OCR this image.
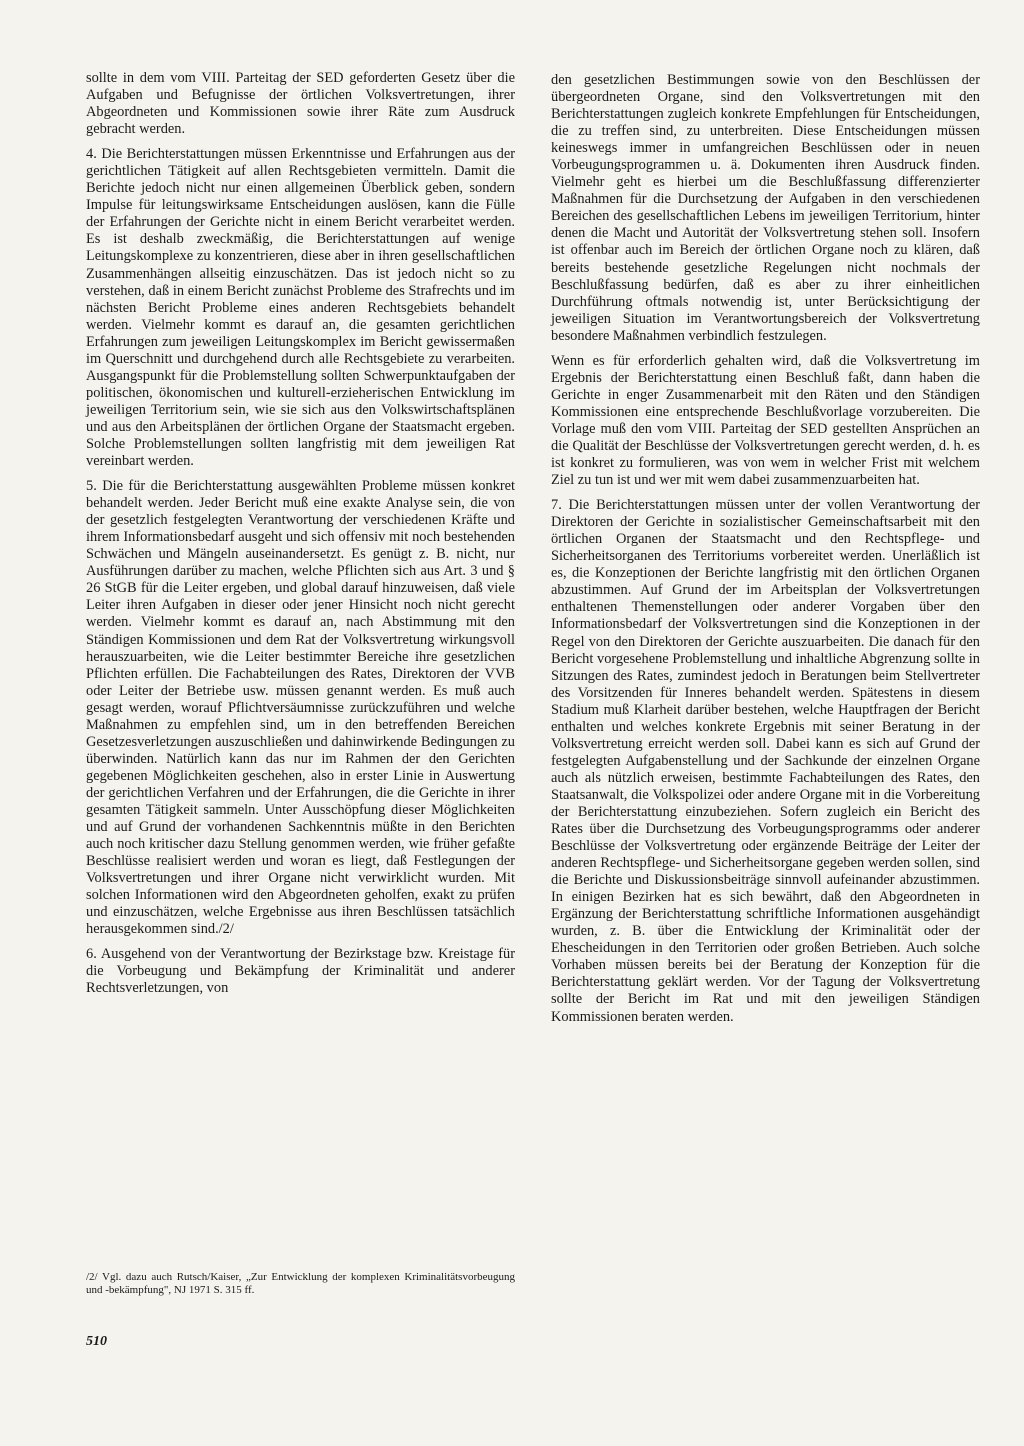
sollte in dem vom VIII. Parteitag der SED geforderten Gesetz über die Aufgaben und Befugnisse der örtlichen Volksvertretungen, ihrer Abgeordneten und Kommissionen sowie ihrer Räte zum Ausdruck gebracht werden.

4. Die Berichterstattungen müssen Erkenntnisse und Erfahrungen aus der gerichtlichen Tätigkeit auf allen Rechtsgebieten vermitteln. Damit die Berichte jedoch nicht nur einen allgemeinen Überblick geben, sondern Impulse für leitungswirksame Entscheidungen auslösen, kann die Fülle der Erfahrungen der Gerichte nicht in einem Bericht verarbeitet werden. Es ist deshalb zweckmäßig, die Berichterstattungen auf wenige Leitungskomplexe zu konzentrieren, diese aber in ihren gesellschaftlichen Zusammenhängen allseitig einzuschätzen. Das ist jedoch nicht so zu verstehen, daß in einem Bericht zunächst Probleme des Strafrechts und im nächsten Bericht Probleme eines anderen Rechtsgebiets behandelt werden. Vielmehr kommt es darauf an, die gesamten gerichtlichen Erfahrungen zum jeweiligen Leitungskomplex im Bericht gewissermaßen im Querschnitt und durchgehend durch alle Rechtsgebiete zu verarbeiten. Ausgangspunkt für die Problemstellung sollten Schwerpunktaufgaben der politischen, ökonomischen und kulturell-erzieherischen Entwicklung im jeweiligen Territorium sein, wie sie sich aus den Volkswirtschaftsplänen und aus den Arbeitsplänen der örtlichen Organe der Staatsmacht ergeben. Solche Problemstellungen sollten langfristig mit dem jeweiligen Rat vereinbart werden.

5. Die für die Berichterstattung ausgewählten Probleme müssen konkret behandelt werden. Jeder Bericht muß eine exakte Analyse sein, die von der gesetzlich festgelegten Verantwortung der verschiedenen Kräfte und ihrem Informationsbedarf ausgeht und sich offensiv mit noch bestehenden Schwächen und Mängeln auseinandersetzt. Es genügt z. B. nicht, nur Ausführungen darüber zu machen, welche Pflichten sich aus Art. 3 und § 26 StGB für die Leiter ergeben, und global darauf hinzuweisen, daß viele Leiter ihren Aufgaben in dieser oder jener Hinsicht noch nicht gerecht werden. Vielmehr kommt es darauf an, nach Abstimmung mit den Ständigen Kommissionen und dem Rat der Volksvertretung wirkungsvoll herauszuarbeiten, wie die Leiter bestimmter Bereiche ihre gesetzlichen Pflichten erfüllen. Die Fachabteilungen des Rates, Direktoren der VVB oder Leiter der Betriebe usw. müssen genannt werden. Es muß auch gesagt werden, worauf Pflichtversäumnisse zurückzuführen und welche Maßnahmen zu empfehlen sind, um in den betreffenden Bereichen Gesetzesverletzungen auszuschließen und dahinwirkende Bedingungen zu überwinden. Natürlich kann das nur im Rahmen der den Gerichten gegebenen Möglichkeiten geschehen, also in erster Linie in Auswertung der gerichtlichen Verfahren und der Erfahrungen, die die Gerichte in ihrer gesamten Tätigkeit sammeln. Unter Ausschöpfung dieser Möglichkeiten und auf Grund der vorhandenen Sachkenntnis müßte in den Berichten auch noch kritischer dazu Stellung genommen werden, wie früher gefaßte Beschlüsse realisiert werden und woran es liegt, daß Festlegungen der Volksvertretungen und ihrer Organe nicht verwirklicht wurden. Mit solchen Informationen wird den Abgeordneten geholfen, exakt zu prüfen und einzuschätzen, welche Ergebnisse aus ihren Beschlüssen tatsächlich herausgekommen sind./2/

6. Ausgehend von der Verantwortung der Bezirkstage bzw. Kreistage für die Vorbeugung und Bekämpfung der Kriminalität und anderer Rechtsverletzungen, von

den gesetzlichen Bestimmungen sowie von den Beschlüssen der übergeordneten Organe, sind den Volksvertretungen mit den Berichterstattungen zugleich konkrete Empfehlungen für Entscheidungen, die zu treffen sind, zu unterbreiten. Diese Entscheidungen müssen keineswegs immer in umfangreichen Beschlüssen oder in neuen Vorbeugungsprogrammen u. ä. Dokumenten ihren Ausdruck finden. Vielmehr geht es hierbei um die Beschlußfassung differenzierter Maßnahmen für die Durchsetzung der Aufgaben in den verschiedenen Bereichen des gesellschaftlichen Lebens im jeweiligen Territorium, hinter denen die Macht und Autorität der Volksvertretung stehen soll. Insofern ist offenbar auch im Bereich der örtlichen Organe noch zu klären, daß bereits bestehende gesetzliche Regelungen nicht nochmals der Beschlußfassung bedürfen, daß es aber zu ihrer einheitlichen Durchführung oftmals notwendig ist, unter Berücksichtigung der jeweiligen Situation im Verantwortungsbereich der Volksvertretung besondere Maßnahmen verbindlich festzulegen.

Wenn es für erforderlich gehalten wird, daß die Volksvertretung im Ergebnis der Berichterstattung einen Beschluß faßt, dann haben die Gerichte in enger Zusammenarbeit mit den Räten und den Ständigen Kommissionen eine entsprechende Beschlußvorlage vorzubereiten. Die Vorlage muß den vom VIII. Parteitag der SED gestellten Ansprüchen an die Qualität der Beschlüsse der Volksvertretungen gerecht werden, d. h. es ist konkret zu formulieren, was von wem in welcher Frist mit welchem Ziel zu tun ist und wer mit wem dabei zusammenzuarbeiten hat.

7. Die Berichterstattungen müssen unter der vollen Verantwortung der Direktoren der Gerichte in sozialistischer Gemeinschaftsarbeit mit den örtlichen Organen der Staatsmacht und den Rechtspflege- und Sicherheitsorganen des Territoriums vorbereitet werden. Unerläßlich ist es, die Konzeptionen der Berichte langfristig mit den örtlichen Organen abzustimmen. Auf Grund der im Arbeitsplan der Volksvertretungen enthaltenen Themenstellungen oder anderer Vorgaben über den Informationsbedarf der Volksvertretungen sind die Konzeptionen in der Regel von den Direktoren der Gerichte auszuarbeiten. Die danach für den Bericht vorgesehene Problemstellung und inhaltliche Abgrenzung sollte in Sitzungen des Rates, zumindest jedoch in Beratungen beim Stellvertreter des Vorsitzenden für Inneres behandelt werden. Spätestens in diesem Stadium muß Klarheit darüber bestehen, welche Hauptfragen der Bericht enthalten und welches konkrete Ergebnis mit seiner Beratung in der Volksvertretung erreicht werden soll. Dabei kann es sich auf Grund der festgelegten Aufgabenstellung und der Sachkunde der einzelnen Organe auch als nützlich erweisen, bestimmte Fachabteilungen des Rates, den Staatsanwalt, die Volkspolizei oder andere Organe mit in die Vorbereitung der Berichterstattung einzubeziehen. Sofern zugleich ein Bericht des Rates über die Durchsetzung des Vorbeugungsprogramms oder anderer Beschlüsse der Volksvertretung oder ergänzende Beiträge der Leiter der anderen Rechtspflege- und Sicherheitsorgane gegeben werden sollen, sind die Berichte und Diskussionsbeiträge sinnvoll aufeinander abzustimmen. In einigen Bezirken hat es sich bewährt, daß den Abgeordneten in Ergänzung der Berichterstattung schriftliche Informationen ausgehändigt wurden, z. B. über die Entwicklung der Kriminalität oder der Ehescheidungen in den Territorien oder großen Betrieben. Auch solche Vorhaben müssen bereits bei der Beratung der Konzeption für die Berichterstattung geklärt werden. Vor der Tagung der Volksvertretung sollte der Bericht im Rat und mit den jeweiligen Ständigen Kommissionen beraten werden.

/2/ Vgl. dazu auch Rutsch/Kaiser, „Zur Entwicklung der komplexen Kriminalitätsvorbeugung und -bekämpfung", NJ 1971 S. 315 ff.

510
